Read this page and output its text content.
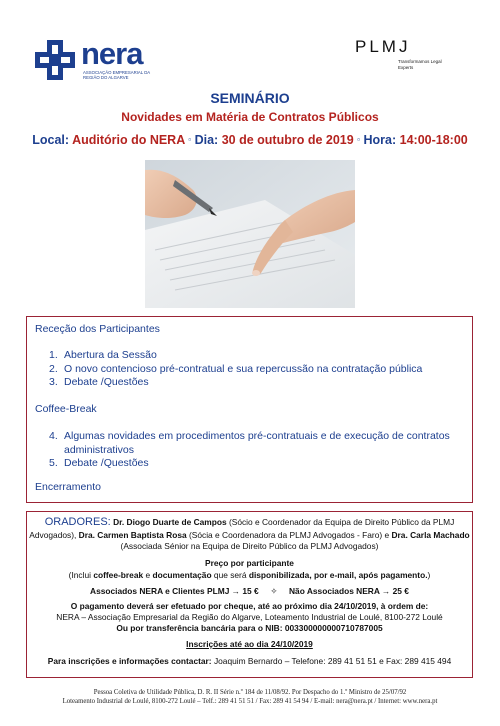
nera
ASSOCIAÇÃO EMPRESARIAL DA REGIÃO DO ALGARVE
PLMJ
Transformamos Legal Experts
SEMINÁRIO
Novidades em Matéria de Contratos Públicos
Local: Auditório do NERA ▫ Dia: 30 de outubro de 2019 ▫ Hora: 14:00-18:00
Receção dos Participantes
1. Abertura da Sessão
2. O novo contencioso pré-contratual e sua repercussão na contratação pública
3. Debate /Questões
Coffee-Break
4. Algumas novidades em procedimentos pré-contratuais e de execução de contratos
administrativos
5. Debate /Questões
Encerramento
ORADORES: Dr. Diogo Duarte de Campos (Sócio e Coordenador da Equipa de Direito Público da PLMJ
Advogados), Dra. Carmen Baptista Rosa (Sócia e Coordenadora da PLMJ Advogados - Faro) e Dra. Carla Machado
(Associada Sénior na Equipa de Direito Público da PLMJ Advogados)
Preço por participante
(Inclui coffee-break e documentação que será disponibilizada, por e-mail, após pagamento.)
Associados NERA e Clientes PLMJ → 15 € ✧ Não Associados NERA → 25 €
O pagamento deverá ser efetuado por cheque, até ao próximo dia 24/10/2019, à ordem de:
NERA – Associação Empresarial da Região do Algarve, Loteamento Industrial de Loulé, 8100-272 Loulé
Ou por transferência bancária para o NIB: 003300000000710787005
Inscrições até ao dia 24/10/2019
Para inscrições e informações contactar: Joaquim Bernardo – Telefone: 289 41 51 51 e Fax: 289 415 494
Pessoa Coletiva de Utilidade Pública, D. R. II Série n.º 184 de 11/08/92. Por Despacho do 1.º Ministro de 25/07/92
Loteamento Industrial de Loulé, 8100-272 Loulé – Telf.: 289 41 51 51 / Fax: 289 41 54 94 / E-mail: nera@nera.pt / Internet: www.nera.pt
